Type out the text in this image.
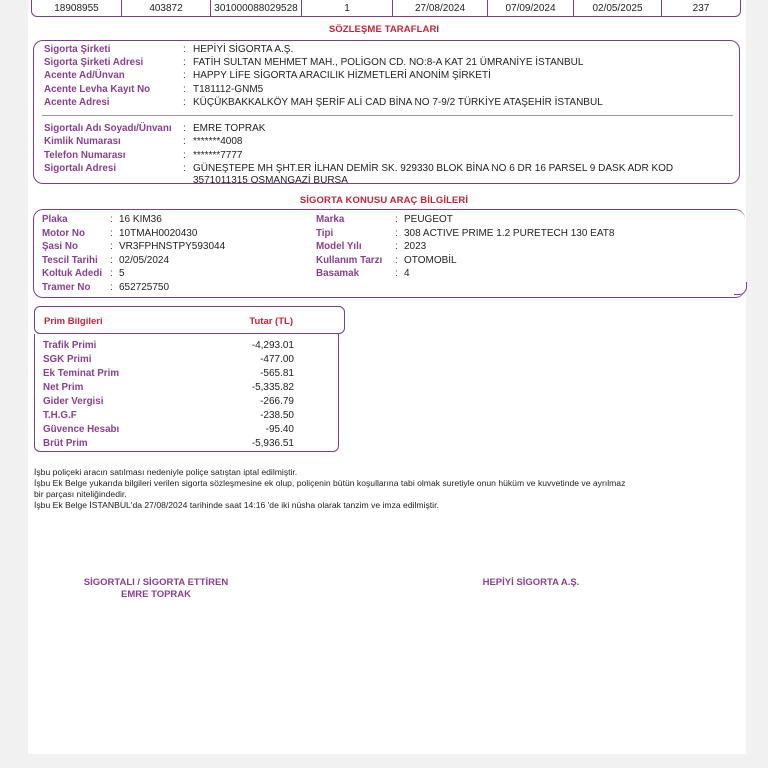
18908955	403872	301000088029528	1	27/08/2024	07/09/2024	02/05/2025	237
SÖZLEŞME TARAFLARI
Sigorta Şirketi	: HEPİYİ SİGORTA A.Ş.
Sigorta Şirketi Adresi	: FATİH SULTAN MEHMET MAH., POLİGON CD. NO:8-A KAT 21 ÜMRANİYE İSTANBUL
Acente Ad/Ünvan	: HAPPY LİFE SİGORTA ARACILIK HİZMETLERİ ANONİM ŞİRKETİ
Acente Levha Kayıt No	: T181112-GNM5
Acente Adresi	: KÜÇÜKBAKKALKÖY MAH ŞERİF ALİ CAD BİNA NO 7-9/2 TÜRKİYE ATAŞEHİR İSTANBUL
Sigortalı Adı Soyadı/Ünvanı : EMRE TOPRAK
Kimlik Numarası	: *******4008
Telefon Numarası	: *******7777
Sigortalı Adresi	: GÜNEŞTEPE MH ŞHT.ER İLHAN DEMİR SK. 929330 BLOK BİNA NO 6 DR 16 PARSEL 9 DASK ADR KOD
3571011315 OSMANGAZİ BURSA
SİGORTA KONUSU ARAÇ BİLGİLERİ
Plaka	: 16 KIM36
Motor No	: 10TMAH0020430
Şasi No	: VR3FPHNSTPY593044
Tescil Tarihi : 02/05/2024
Koltuk Adedi : 5
Tramer No : 652725750
Marka	: PEUGEOT
Tipi	: 308 ACTIVE PRIME 1.2 PURETECH 130 EAT8
Model Yılı	: 2023
Kullanım Tarzı : OTOMOBİL
Basamak	: 4
Prim Bilgileri	Tutar (TL)
Trafik Primi	-4,293.01
SGK Primi	-477.00
Ek Teminat Prim	-565.81
Net Prim	-5,335.82
Gider Vergisi	-266.79
T.H.G.F	-238.50
Güvence Hesabı	-95.40
Brüt Prim	-5,936.51

İşbu poliçeki aracın satılması nedeniyle poliçe satıştan iptal edilmiştir.

İşbu Ek Belge yukarıda bilgileri verilen sigorta sözleşmesine ek olup, poliçenin bütün koşullarına tabi olmak suretiyle onun hüküm ve kuvvetinde ve ayrılmaz

bir parçası niteliğindedir.

İşbu Ek Belge İSTANBUL'da 27/08/2024 tarihinde saat 14:16 'de iki nüsha olarak tanzim ve imza edilmiştir.

SİGORTALI / SİGORTA ETTİREN
EMRE TOPRAK
HEPİYİ SİGORTA A.Ş.
